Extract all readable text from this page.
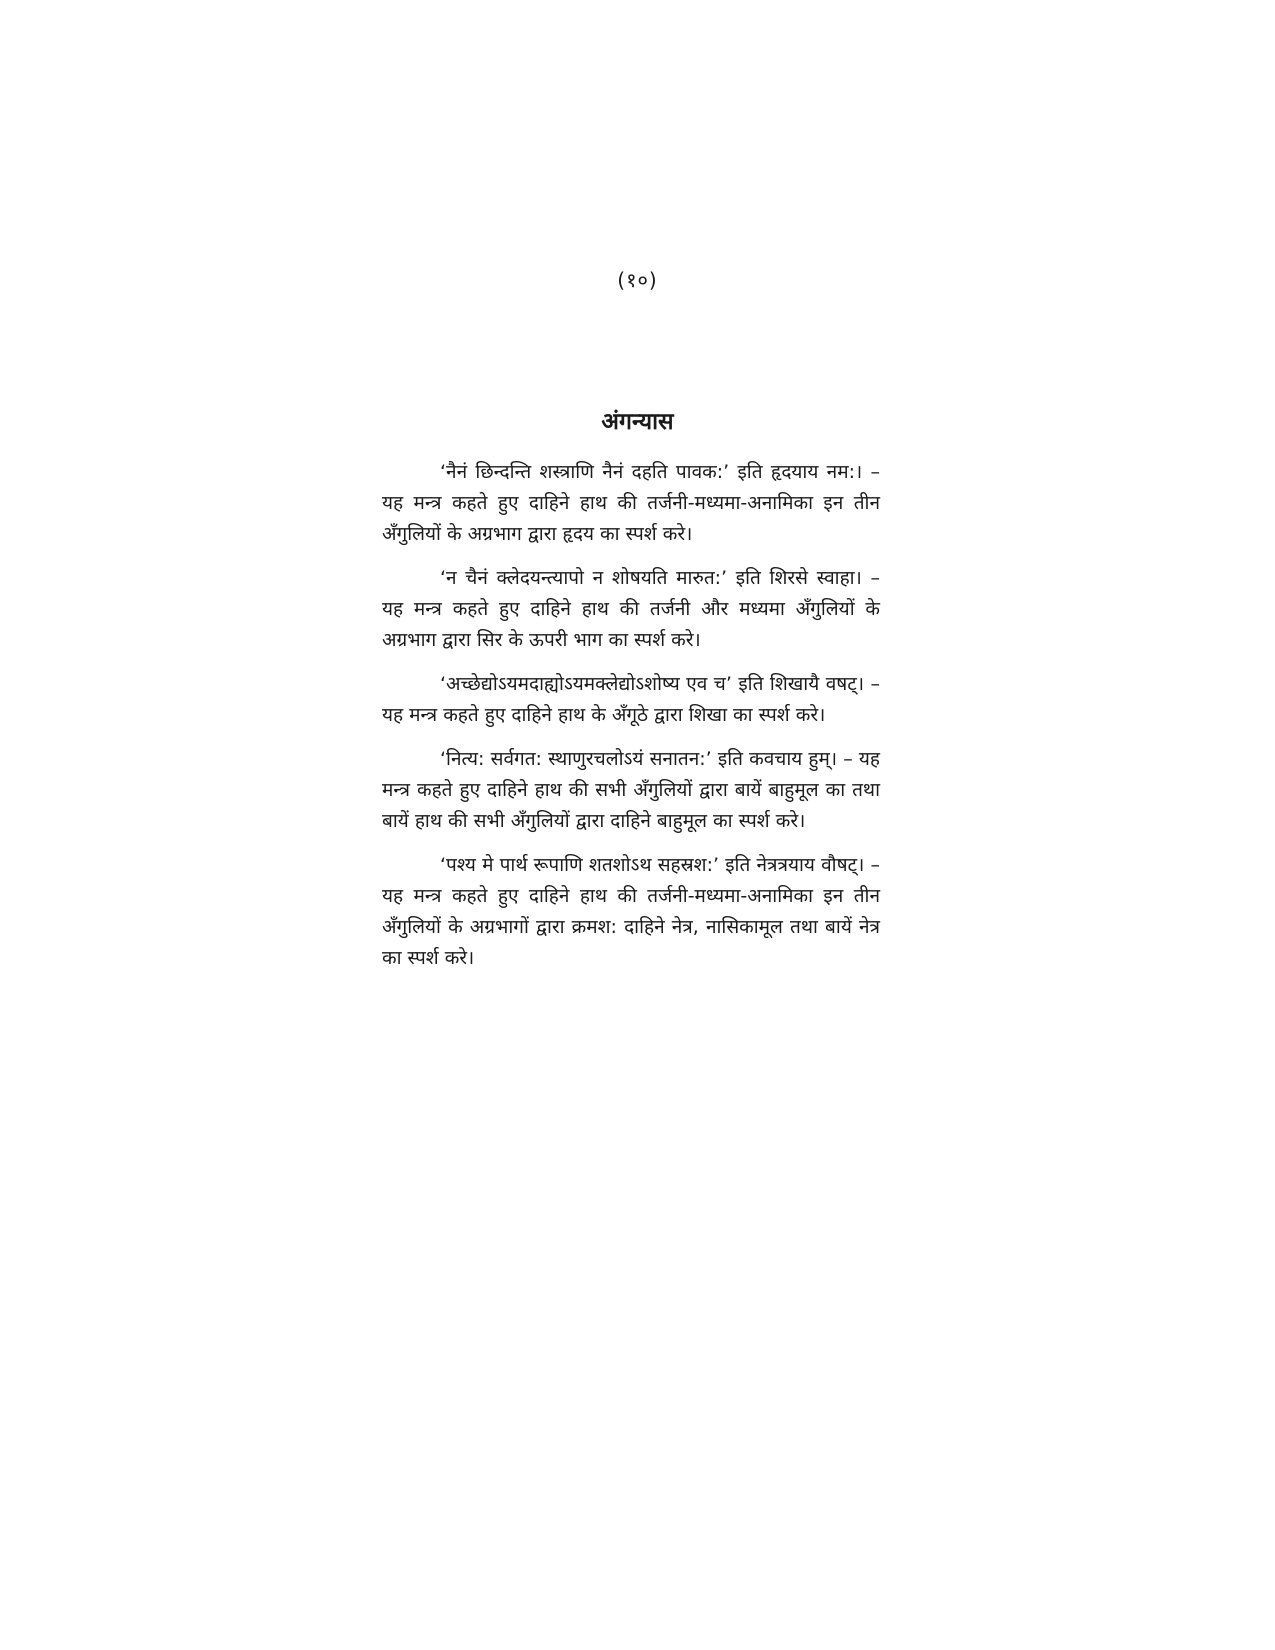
(१०)
अंगन्यास

‘नैनं छिन्दन्ति शस्त्राणि नैनं दहति पावक:’ इति हृदयाय नम:। – यह मन्त्र कहते हुए दाहिने हाथ की तर्जनी-मध्यमा-अनामिका इन तीन अँगुलियों के अग्रभाग द्वारा हृदय का स्पर्श करे।

‘न चैनं क्लेदयन्त्यापो न शोषयति मारुत:’ इति शिरसे स्वाहा। – यह मन्त्र कहते हुए दाहिने हाथ की तर्जनी और मध्यमा अँगुलियों के अग्रभाग द्वारा सिर के ऊपरी भाग का स्पर्श करे।

‘अच्छेद्योऽयमदाह्योऽयमक्लेद्योऽशोष्य एव च’ इति शिखायै वषट्। – यह मन्त्र कहते हुए दाहिने हाथ के अँगूठे द्वारा शिखा का स्पर्श करे।

‘नित्य: सर्वगत: स्थाणुरचलोऽयं सनातन:’ इति कवचाय हुम्। – यह मन्त्र कहते हुए दाहिने हाथ की सभी अँगुलियों द्वारा बायें बाहुमूल का तथा बायें हाथ की सभी अँगुलियों द्वारा दाहिने बाहुमूल का स्पर्श करे।

‘पश्य मे पार्थ रूपाणि शतशोऽथ सहस्रश:’ इति नेत्रत्रयाय वौषट्। –यह मन्त्र कहते हुए दाहिने हाथ की तर्जनी-मध्यमा-अनामिका इन तीन अँगुलियों के अग्रभागों द्वारा क्रमश: दाहिने नेत्र, नासिकामूल तथा बायें नेत्र का स्पर्श करे।
